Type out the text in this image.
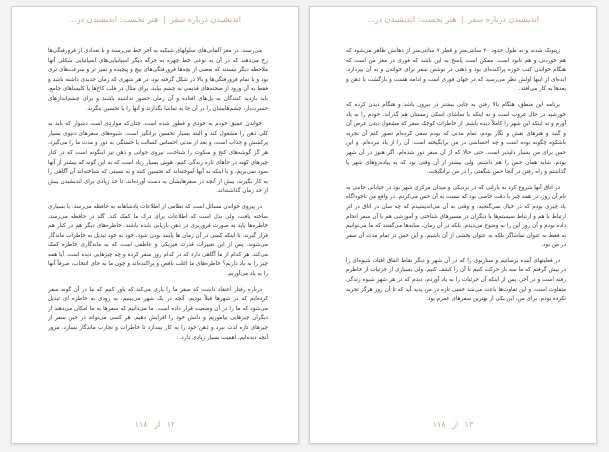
اندیشیدن درباره سفر | هنر نخست: اندیشیدن در...

می‌رسند. در مغز آلمانی‌های سلولهای شبکیه به آخر خط می‌رسند و با تعدادی از فرورفتگی‌ها رخ می‌دهند که در آن به نوعی خط چهره به جرگه دیگر اسپانیایی‌های اسپانیایی شکلی آنها ملاحظه دیگر نیستند که بعضی از بچه‌ها فرورفتگی‌های پیچ و پیچیده و تمیز تر و سرعت‌های تری بود و با تمام فرورفتگی‌ها و بالا در شکل گرفته بود. در هر شهری که زمان جدیدی داشته باشد و فقط به آن ورود از صحنه‌های قدیمی به چشم بیاید، برای مثال در قلب کاخ‌ها یا کلیساهای جامع، باید بازدید کنندگان به پل‌های افتاده و آن زمان حضور نداشته باشند و برای چشم‌اندازهای حسرت‌بار، چشم‌هایشان را در آن جا به تماشا بگذارند و آنها را با تحسین بنگرند.

خواندن عمیق خودم به خودی و قطور شده است. چنان‌که مواردی است دشوار که باید به کلی ذهن را مشغول کند و البته بسیار تحسین برانگیز است. شیوه‌های سفرهای دنیوی بسیار پرکشش و جذاب است، و بعد از مدتی احساس کسالت یا خستگی به دور و مدت ما را می‌گیرد. هر گز گوشه‌های کنج و سکوت را شناخت، نیروی جوانی و ذهن نیز اینگونه است که در کنار چیزهای کهنه در جاهای تازه زندگی کنیم. هوش بسیار زیاد است که به این گونه که بیشتر از آنها سود نمی‌بریم، و با اینکه به آنها آموخته‌اند که تحسین کنند و به نسبتی که شناخته‌اند آن آگاهی را به کار بگیرند، بیش از آنچه در سفرهایشان به دست آورده‌اند، تا حد زیادی برای اندیشیدن بیش از حد زمان گذاشته‌اند.

در پیروی خواندن مسائل است که نظامی از اطلاعات پادشاهانه به حافظه می‌رسد. با بسیاری ساخته یافت، ولی بدل است که اطلاعات برای درک ما کمک کند. گلد در حافظه می‌رسد، خاطره‌ها باید به صورت فروریزی در ذهن بازیابی شده باشند، خاطره‌های دیگر هم در کنار هم قرار گیرند. تا اینکه کسی در آن زمان ها پایبند بودن شود، خود به خود تبدیل به خاطرات ماندگار می‌شوند. پس از این تغییرات قدرت فیزیکی و عاطفی است که به ماندگاری خاطره کمک می‌کند. هر کدام از ما آگاهی دارد که در کدام روز سفر کرده و چه چیزهایی دیده است. آیا همه چیز را به یاد داریم؟ خاطره‌های ما اغلب ناقص و پراکنده‌اند و چون ما به جای انتخاب، صرفاً آنها را به یاد می‌آوریم.

درباره رفتار اعتقاد داشت که سفر ما را یاری می‌کند که باور کنیم که ما در آن گونه سفر کرده‌ایم که در شهرها قبلاً بودیم. آنچه در یک شهر می‌بینیم، به زودی به خاطره ای تبدیل می‌شود که ما را در آن وضعیت قرار داده است. ما می‌دانیم که سفرها به ما امکان می‌دهند از دیگران چیزهایی بیاموزیم و دانش خود را افزایش دهیم. هر کسی می‌تواند در حین سفر از چیزهای تازه لذت ببرد و ذهن خود را به کار بیندازد تا خاطرات و تجارب ماندگار بسازد. مرور آنچه دیده‌ایم، اهمیت بسیار زیادی دارد.

۱۲ از ۱۱۸
اندیشیدن درباره سفر | هنر نخست: اندیشیدن در...

زیتونک شدند و نه طول حدود ۲۰ سانتی‌متر و قطر ۷ سانتی‌متر از دهانش ظاهر می‌شود که هم خوردنی و هم نابود است. ممکن است پاسخ به این باشد که فوری در مغز من است که هنگام خواندن کتب حوزه پراکنده‌ای بود و ذهنی در نوشتن سفر برای خواندن و به آن بپردازد. ایده‌ای از اینها اولش نظر می‌رسید که در جهان فوری است و ادامه هست و بازگشت با ذهن و بعدها به کار می‌افتد.

برنامه این منطق، هنگام بالا رفتن به جایی بیشتر در بیرون باشد و هنگام دیدن کرده که خورشید در حال غروب است و نه اینکه با تماشای اسکی زمستان هم گذراند. خودم را به یاد آورم و نه اینکه این شهر را کاملاً دیده باشم. از خاطرات کوچک سفر که مشغول دیدن عرض آن و گنبد و هنرهای نقش و نگار بودم، تمام مدتی که بودم سعی کرده‌ام تصور کنم آن تجربه باشکوه چگونه بوده است و چه احساسی در من برانگیخته است. آن را از یاد نبرده‌ام. و این حس برای من بسیار دلپذیر است. حتی حالا که از آن سفر دور شده‌ام. اگر هنوز در آن شهر بودم، شاید همان حس را هم داشتم. ولی بیشتر از آن وقتی بود که به پیاده‌روهای شهر پا گذاشتم و راه رفتن در آنجا حس شگفتی را در من برانگیخت.

در اتاق آنها شروع کرد به بارانی که در نزدیکی و میدان مرکزی شهر بود در خیابانی جانبی به نام آن روز، در همه چیز با دقت خاصی بود که نسبت به آن حس می‌کردم. در واقع من ناخوداگاه یاد چیزی بودم که در خیال نمی‌گنجید، و وقتی به آن می‌اندیشیدم که چه سان در اتاق در اثر ارتباط با هم و ارتباط سیستم‌ها با دیگران در مسیرهای شناختی و آموزشی هم با آن سفر انجام داده بودم و آن روز این را به وضوح می‌دیدم. بلکه در آن زمان، سایه‌ها می‌گفتند که ما می‌توانیم نه فقط به عنوان تماشاگر بلکه به عنوان بخشی از آن باشیم. و این حس در تمام مدت آن سفر در من بود.

در فعلیتهای آینده برسانیم و سناریوی را که در آن شهر و دیگر نقاط اتفاق افتاد، شیوه‌ای را در پیش گرفتم که ما سه بار حرکت کنیم تا آن را کشف کنیم. ولی بسیاری از جزئیات از خاطرم رفته است و در آخر، پس از اینکه آن جزئیات را به یاد آوردم، دیدم که در هر شهر شیوه زندگی متفاوت است، و این تفاوت‌ها باعث می‌شد حسی تازه در من پدید آید که تا آن روز هرگز تجربه نکرده بودم. برای من، این یکی از بهترین سفرهای عمرم بود.

۱۳ از ۱۱۸
